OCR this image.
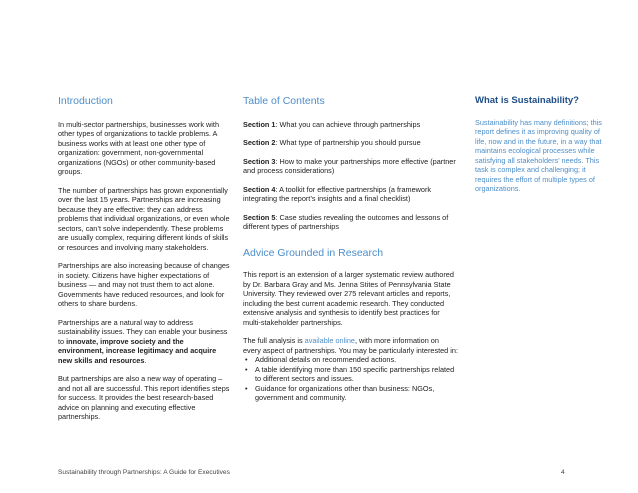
Introduction

In multi-sector partnerships, businesses work with other types of organizations to tackle problems. A business works with at least one other type of organization: government, non-governmental organizations (NGOs) or other community-based groups.

The number of partnerships has grown exponentially over the last 15 years. Partnerships are increasing because they are effective: they can address problems that individual organizations, or even whole sectors, can’t solve independently. These problems are usually complex, requiring different kinds of skills or resources and involving many stakeholders.

Partnerships are also increasing because of changes in society. Citizens have higher expectations of business — and may not trust them to act alone. Governments have reduced resources, and look for others to share burdens.

Partnerships are a natural way to address sustainability issues. They can enable your business to innovate, improve society and the environment, increase legitimacy and acquire new skills and resources.

But partnerships are also a new way of operating – and not all are successful. This report identifies steps for success. It provides the best research-based advice on planning and executing effective partnerships.

Table of Contents

Section 1: What you can achieve through partnerships

Section 2: What type of partnership you should pursue

Section 3: How to make your partnerships more effective (partner and process considerations)

Section 4: A toolkit for effective partnerships (a framework integrating the report’s insights and a final checklist)

Section 5: Case studies revealing the outcomes and lessons of different types of partnerships

Advice Grounded in Research

This report is an extension of a larger systematic review authored by Dr. Barbara Gray and Ms. Jenna Stites of Pennsylvania State University. They reviewed over 275 relevant articles and reports, including the best current academic research. They conducted extensive analysis and synthesis to identify best practices for multi-stakeholder partnerships.

The full analysis is available online, with more information on every aspect of partnerships. You may be particularly interested in:

• Additional details on recommended actions.
• A table identifying more than 150 specific partnerships related to different sectors and issues.
• Guidance for organizations other than business: NGOs, government and community.
What is Sustainability?

Sustainability has many definitions; this report defines it as improving quality of life, now and in the future, in a way that maintains ecological processes while satisfying all stakeholders’ needs. This task is complex and challenging; it requires the effort of multiple types of organizations.

Sustainability through Partnerships: A Guide for Executives	4
